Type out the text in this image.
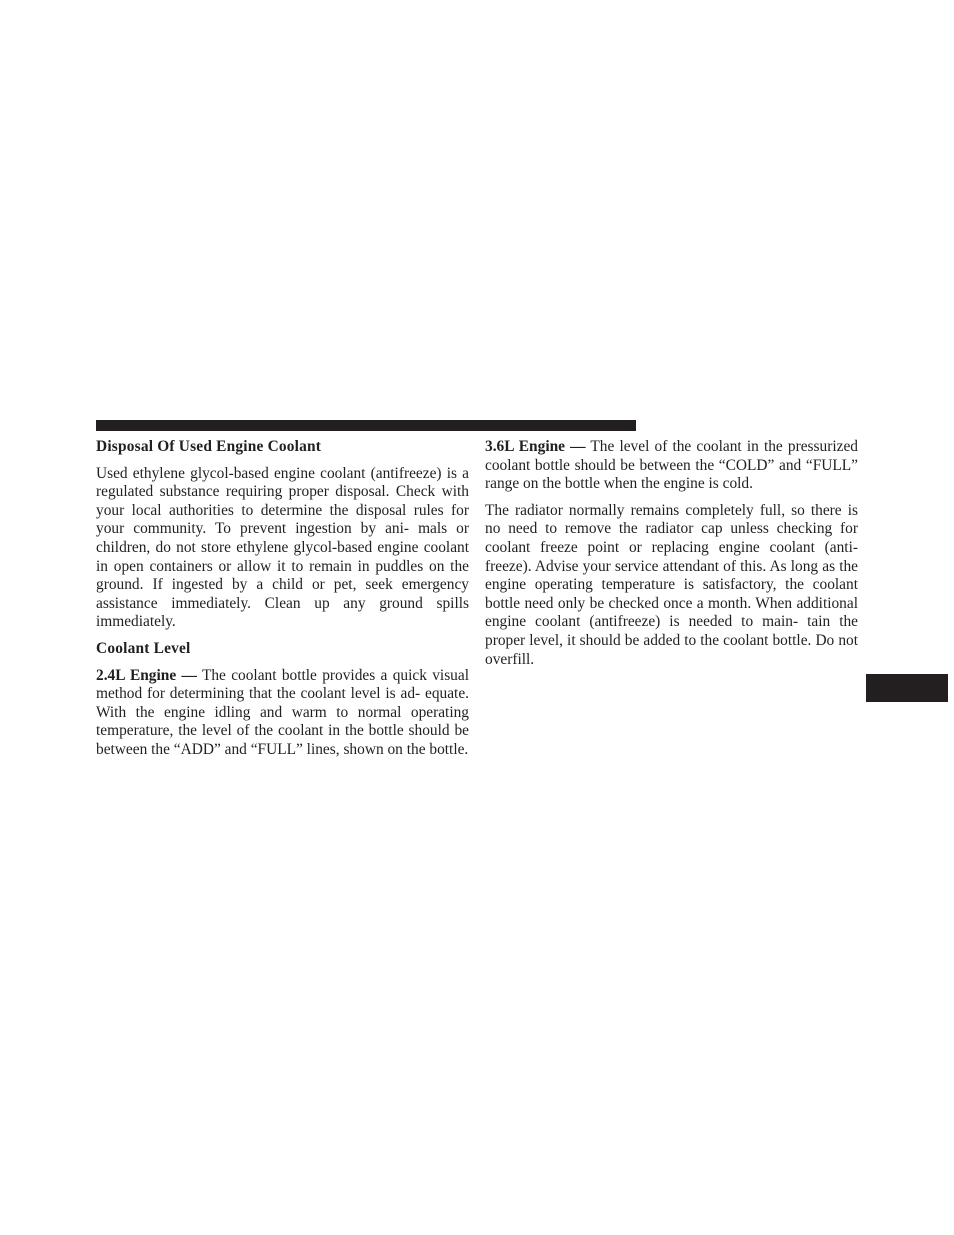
Disposal Of Used Engine Coolant
Used ethylene glycol-based engine coolant (antifreeze) is a regulated substance requiring proper disposal. Check with your local authorities to determine the disposal rules for your community. To prevent ingestion by ani- mals or children, do not store ethylene glycol-based engine coolant in open containers or allow it to remain in puddles on the ground. If ingested by a child or pet, seek emergency assistance immediately. Clean up any ground spills immediately.
Coolant Level
2.4L Engine — The coolant bottle provides a quick visual method for determining that the coolant level is ad- equate. With the engine idling and warm to normal operating temperature, the level of the coolant in the bottle should be between the “ADD” and “FULL” lines, shown on the bottle.
3.6L Engine — The level of the coolant in the pressurized coolant bottle should be between the “COLD” and “FULL” range on the bottle when the engine is cold.
The radiator normally remains completely full, so there is no need to remove the radiator cap unless checking for coolant freeze point or replacing engine coolant (anti- freeze). Advise your service attendant of this. As long as the engine operating temperature is satisfactory, the coolant bottle need only be checked once a month. When additional engine coolant (antifreeze) is needed to main- tain the proper level, it should be added to the coolant bottle. Do not overfill.
